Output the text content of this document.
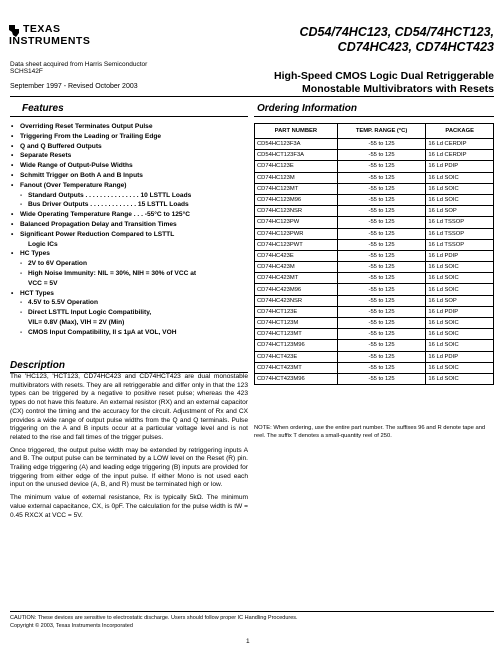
TEXAS
INSTRUMENTS
Data sheet acquired from Harris Semiconductor
SCHS142F
September 1997 - Revised October 2003
CD54/74HC123, CD54/74HCT123,
CD74HC423, CD74HCT423
High-Speed CMOS Logic Dual Retriggerable
Monostable Multivibrators with Resets
Features
• Overriding Reset Terminates Output Pulse
• Triggering From the Leading or Trailing Edge
• Q and Q Buffered Outputs
• Separate Resets
• Wide Range of Output-Pulse Widths
• Schmitt Trigger on Both A and B Inputs
• Fanout (Over Temperature Range)
- Standard Outputs . . . . . . . . . . . . . . . 10 LSTTL Loads
- Bus Driver Outputs . . . . . . . . . . . . . 15 LSTTL Loads
• Wide Operating Temperature Range . . . -55°C to 125°C
• Balanced Propagation Delay and Transition Times
• Significant Power Reduction Compared to LSTTL
Logic ICs
• HC Types
- 2V to 6V Operation
- High Noise Immunity: NIL = 30%, NIH = 30% of VCC at
VCC = 5V
• HCT Types
- 4.5V to 5.5V Operation
- Direct LSTTL Input Logic Compatibility,
VIL= 0.8V (Max), VIH = 2V (Min)
- CMOS Input Compatibility, Il ≤ 1µA at VOL, VOH
Description

The 'HC123, 'HCT123, CD74HC423 and CD74HCT423 are dual monostable multivibrators with resets. They are all retriggerable and differ only in that the 123 types can be triggered by a negative to positive reset pulse; whereas the 423 types do not have this feature. An external resistor (RX) and an external capacitor (CX) control the timing and the accuracy for the circuit. Adjustment of Rx and CX provides a wide range of output pulse widths from the Q and Q terminals. Pulse triggering on the A and B inputs occur at a particular voltage level and is not related to the rise and fall times of the trigger pulses.

Once triggered, the output pulse width may be extended by retriggering inputs A and B. The output pulse can be terminated by a LOW level on the Reset (R) pin. Trailing edge triggering (A) and leading edge triggering (B) inputs are provided for triggering from either edge of the input pulse. If either Mono is not used each input on the unused device (A, B, and R) must be terminated high or low.

The minimum value of external resistance, Rx is typically 5kΩ. The minimum value external capacitance, CX, is 0pF. The calculation for the pulse width is tW = 0.45 RXCX at VCC = 5V.

Ordering Information
PART NUMBER	TEMP. RANGE (°C)	PACKAGE
CD54HC123F3A	-55 to 125	16 Ld CERDIP
CD54HCT123F3A	-55 to 125	16 Ld CERDIP
CD74HC123E	-55 to 125	16 Ld PDIP
CD74HC123M	-55 to 125	16 Ld SOIC
CD74HC123MT	-55 to 125	16 Ld SOIC
CD74HC123M96	-55 to 125	16 Ld SOIC
CD74HC123NSR	-55 to 125	16 Ld SOP
CD74HC123PW	-55 to 125	16 Ld TSSOP
CD74HC123PWR	-55 to 125	16 Ld TSSOP
CD74HC123PWT	-55 to 125	16 Ld TSSOP
CD74HC423E	-55 to 125	16 Ld PDIP
CD74HC423M	-55 to 125	16 Ld SOIC
CD74HC423MT	-55 to 125	16 Ld SOIC
CD74HC423M96	-55 to 125	16 Ld SOIC
CD74HC423NSR	-55 to 125	16 Ld SOP
CD74HCT123E	-55 to 125	16 Ld PDIP
CD74HCT123M	-55 to 125	16 Ld SOIC
CD74HCT123MT	-55 to 125	16 Ld SOIC
CD74HCT123M96	-55 to 125	16 Ld SOIC
CD74HCT423E	-55 to 125	16 Ld PDIP
CD74HCT423MT	-55 to 125	16 Ld SOIC
CD74HCT423M96	-55 to 125	16 Ld SOIC
NOTE: When ordering, use the entire part number. The suffixes 96 and R denote tape and reel. The suffix T denotes a small-quantity reel of 250.
CAUTION: These devices are sensitive to electrostatic discharge. Users should follow proper IC Handling Procedures.
Copyright © 2003, Texas Instruments Incorporated
1
